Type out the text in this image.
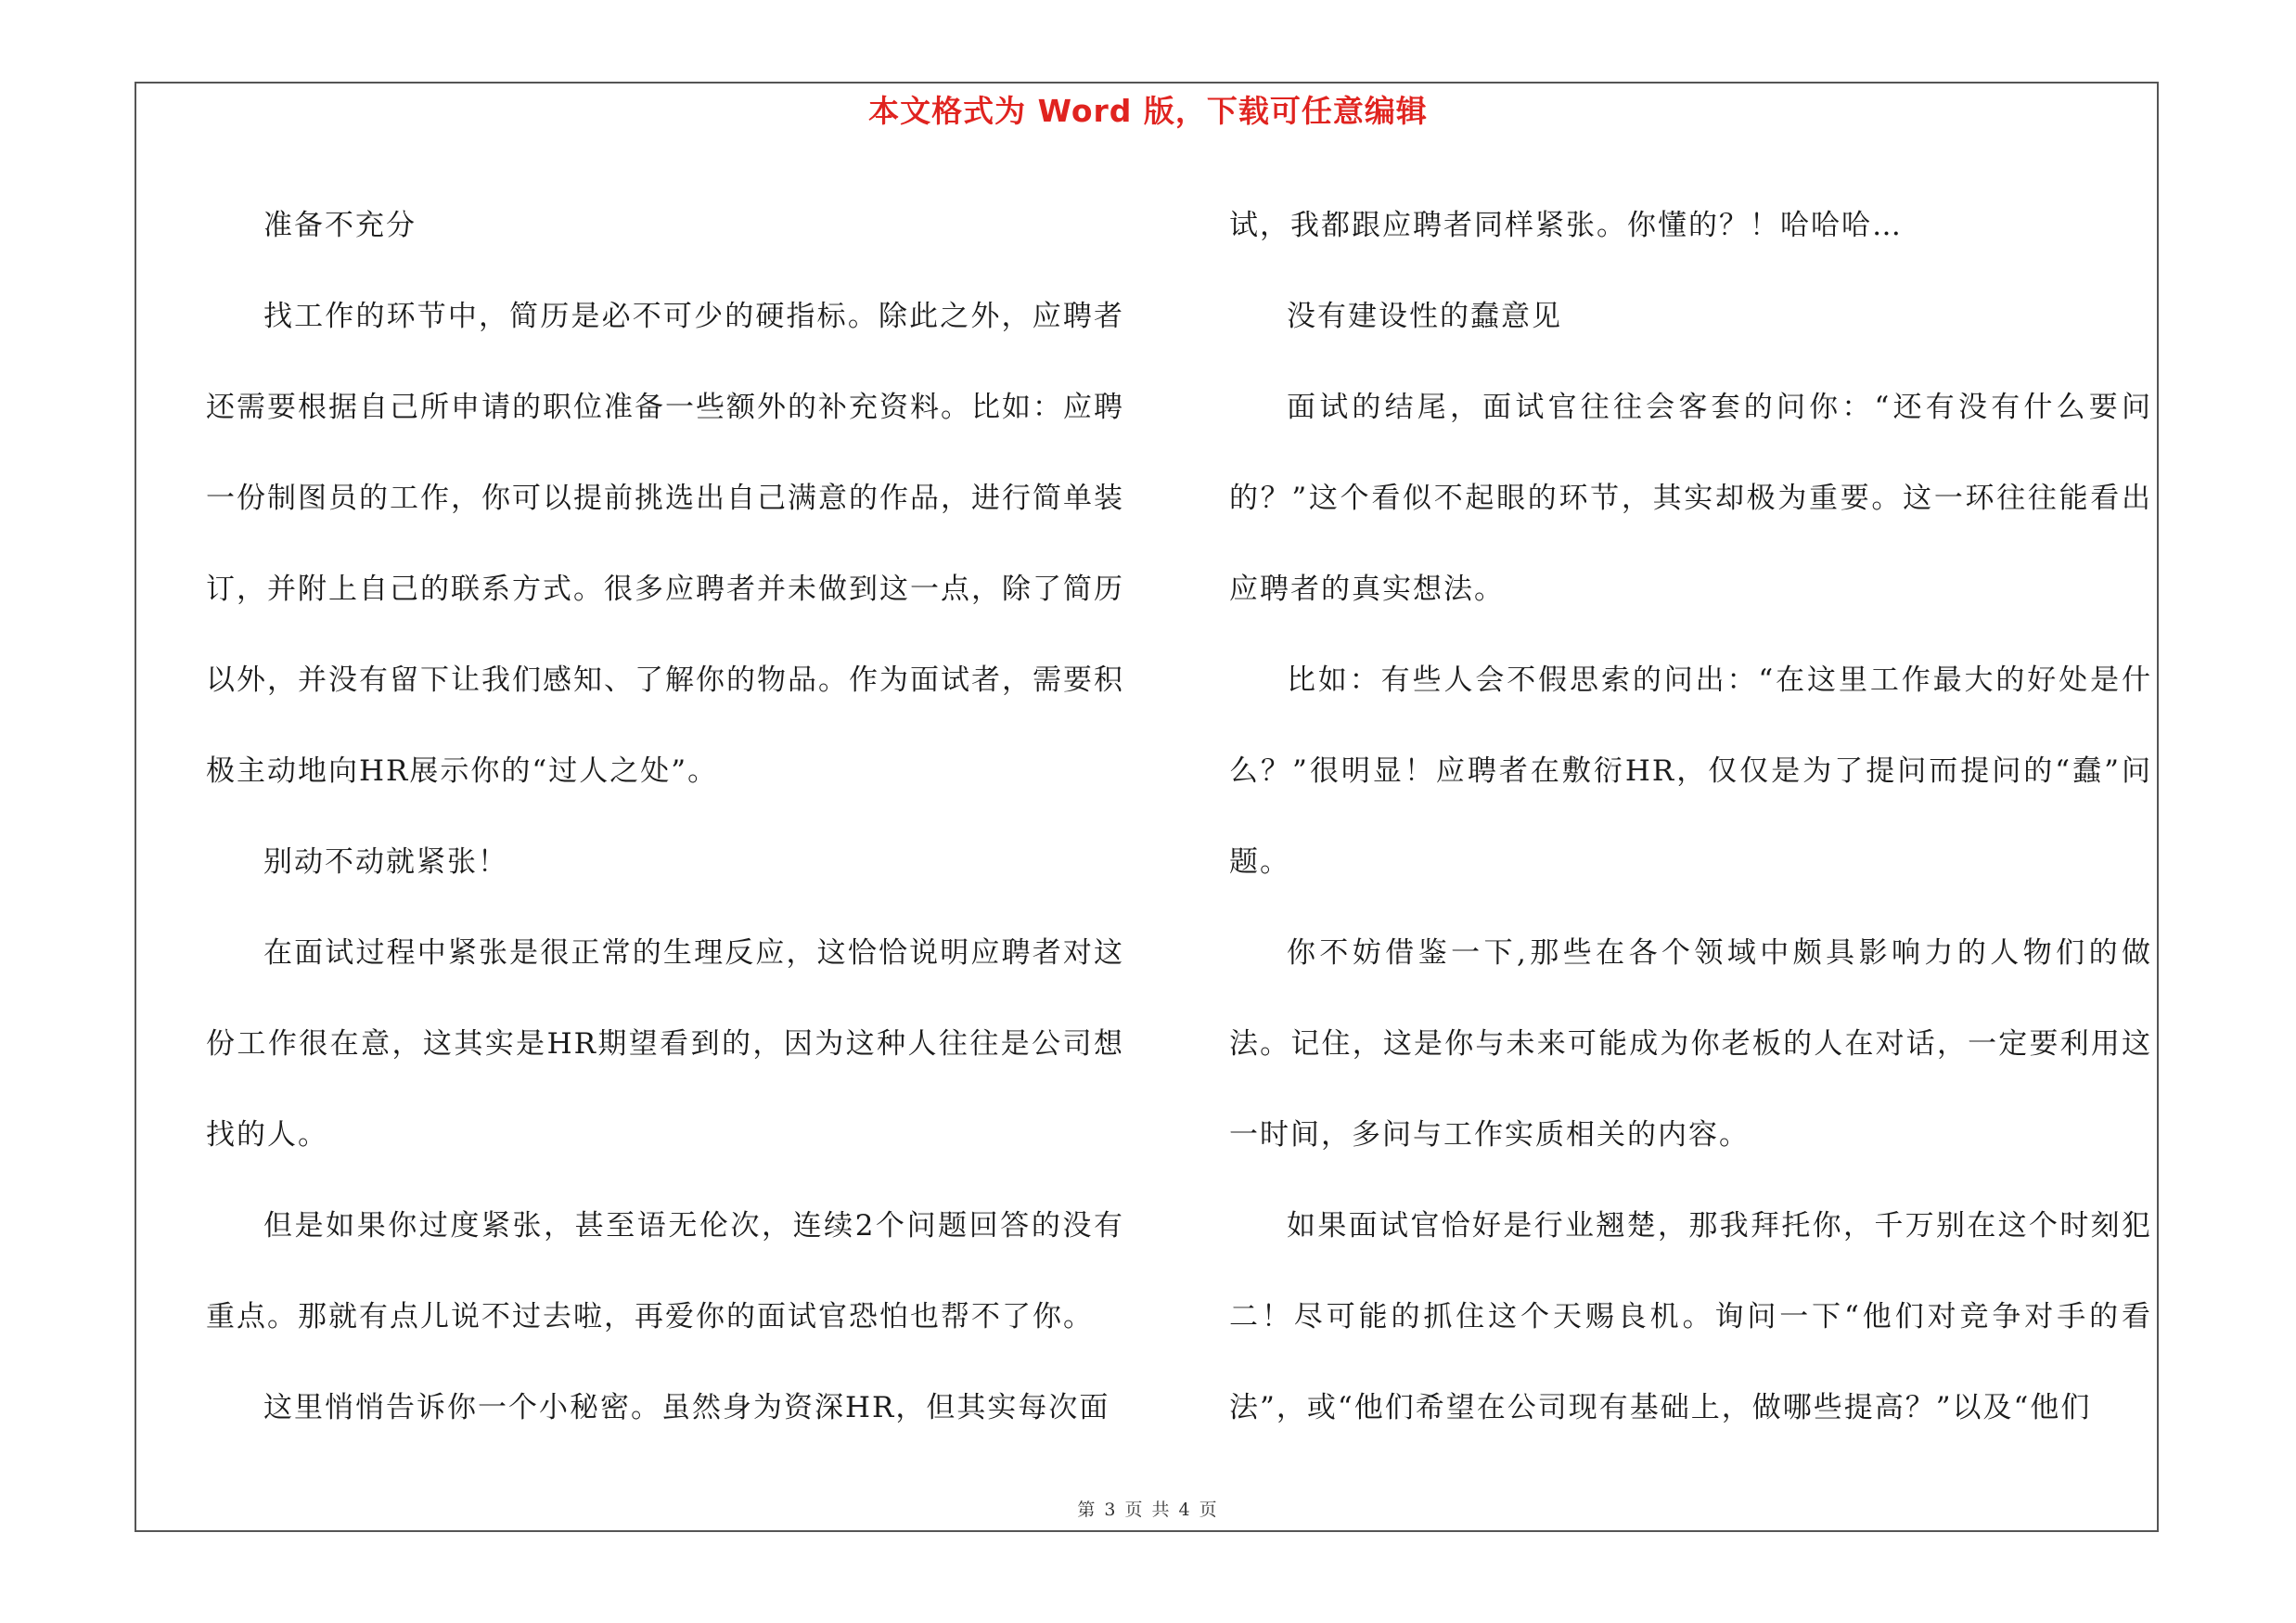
本文格式为 Word 版，下载可任意编辑

准备不充分

找工作的环节中，简历是必不可少的硬指标。除此之外，应聘者还需要根据自己所申请的职位准备一些额外的补充资料。比如：应聘一份制图员的工作，你可以提前挑选出自己满意的作品，进行简单装订，并附上自己的联系方式。很多应聘者并未做到这一点，除了简历以外，并没有留下让我们感知、了解你的物品。作为面试者，需要积极主动地向HR展示你的“过人之处”。

别动不动就紧张！

在面试过程中紧张是很正常的生理反应，这恰恰说明应聘者对这份工作很在意，这其实是HR期望看到的，因为这种人往往是公司想找的人。

但是如果你过度紧张，甚至语无伦次，连续2个问题回答的没有重点。那就有点儿说不过去啦，再爱你的面试官恐怕也帮不了你。

这里悄悄告诉你一个小秘密。虽然身为资深HR，但其实每次面

试，我都跟应聘者同样紧张。你懂的？！哈哈哈…

没有建设性的蠢意见

面试的结尾，面试官往往会客套的问你：“还有没有什么要问的？”这个看似不起眼的环节，其实却极为重要。这一环往往能看出应聘者的真实想法。

比如：有些人会不假思索的问出：“在这里工作最大的好处是什么？”很明显！应聘者在敷衍HR，仅仅是为了提问而提问的“蠢”问题。

你不妨借鉴一下,那些在各个领域中颇具影响力的人物们的做法。记住，这是你与未来可能成为你老板的人在对话，一定要利用这一时间，多问与工作实质相关的内容。

如果面试官恰好是行业翘楚，那我拜托你，千万别在这个时刻犯二！尽可能的抓住这个天赐良机。询问一下“他们对竞争对手的看法”，或“他们希望在公司现有基础上，做哪些提高？”以及“他们

第 3 页 共 4 页
